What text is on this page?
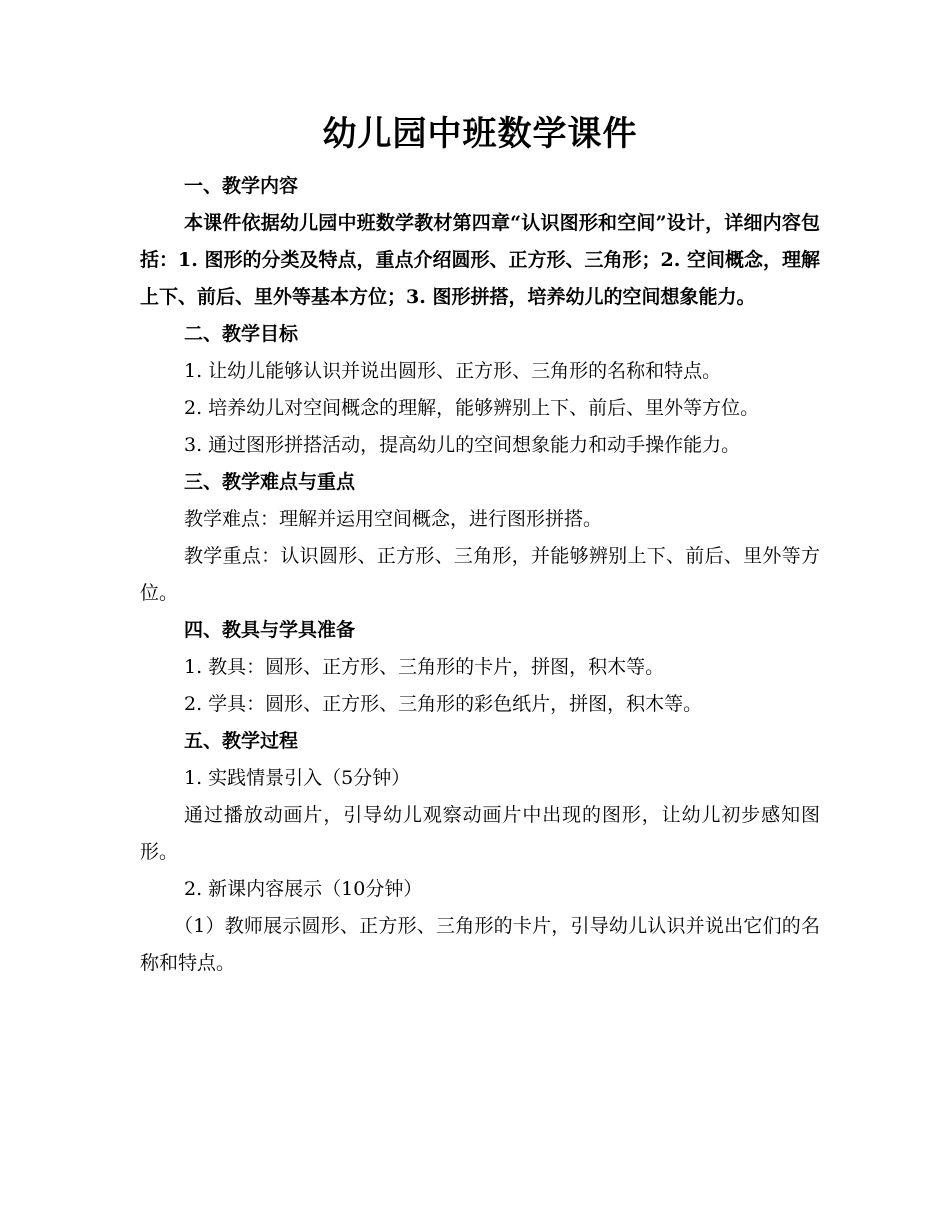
幼儿园中班数学课件

一、教学内容

本课件依据幼儿园中班数学教材第四章“认识图形和空间”设计，详细内容包括：1. 图形的分类及特点，重点介绍圆形、正方形、三角形；2. 空间概念，理解上下、前后、里外等基本方位；3. 图形拼搭，培养幼儿的空间想象能力。

二、教学目标

1. 让幼儿能够认识并说出圆形、正方形、三角形的名称和特点。

2. 培养幼儿对空间概念的理解，能够辨别上下、前后、里外等方位。

3. 通过图形拼搭活动，提高幼儿的空间想象能力和动手操作能力。

三、教学难点与重点

教学难点：理解并运用空间概念，进行图形拼搭。

教学重点：认识圆形、正方形、三角形，并能够辨别上下、前后、里外等方位。

四、教具与学具准备

1. 教具：圆形、正方形、三角形的卡片，拼图，积木等。

2. 学具：圆形、正方形、三角形的彩色纸片，拼图，积木等。

五、教学过程

1. 实践情景引入（5分钟）

通过播放动画片，引导幼儿观察动画片中出现的图形，让幼儿初步感知图形。

2. 新课内容展示（10分钟）

（1）教师展示圆形、正方形、三角形的卡片，引导幼儿认识并说出它们的名称和特点。
